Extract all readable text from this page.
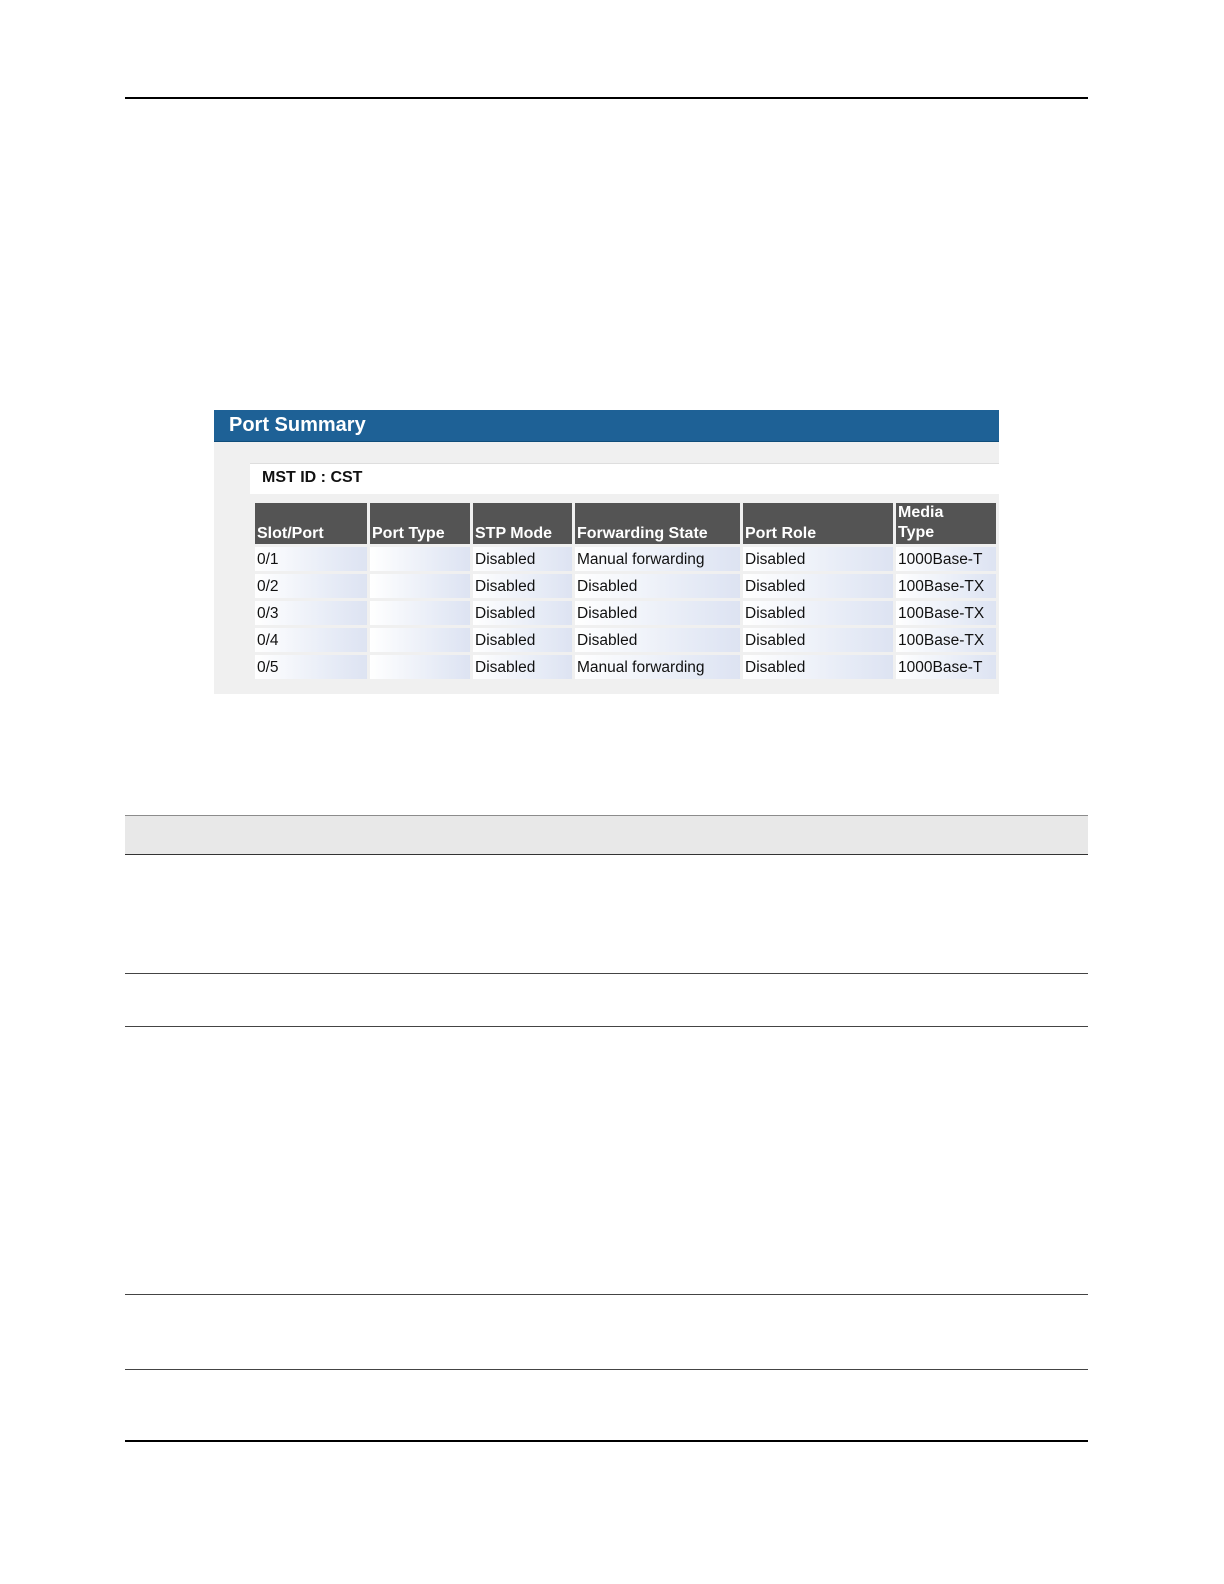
Port Summary
MST ID : CST
Slot/Port	Port Type	STP Mode	Forwarding State	Port Role	Media Type
0/1		Disabled	Manual forwarding	Disabled	1000Base-T
0/2		Disabled	Disabled	Disabled	100Base-TX
0/3		Disabled	Disabled	Disabled	100Base-TX
0/4		Disabled	Disabled	Disabled	100Base-TX
0/5		Disabled	Manual forwarding	Disabled	1000Base-T
